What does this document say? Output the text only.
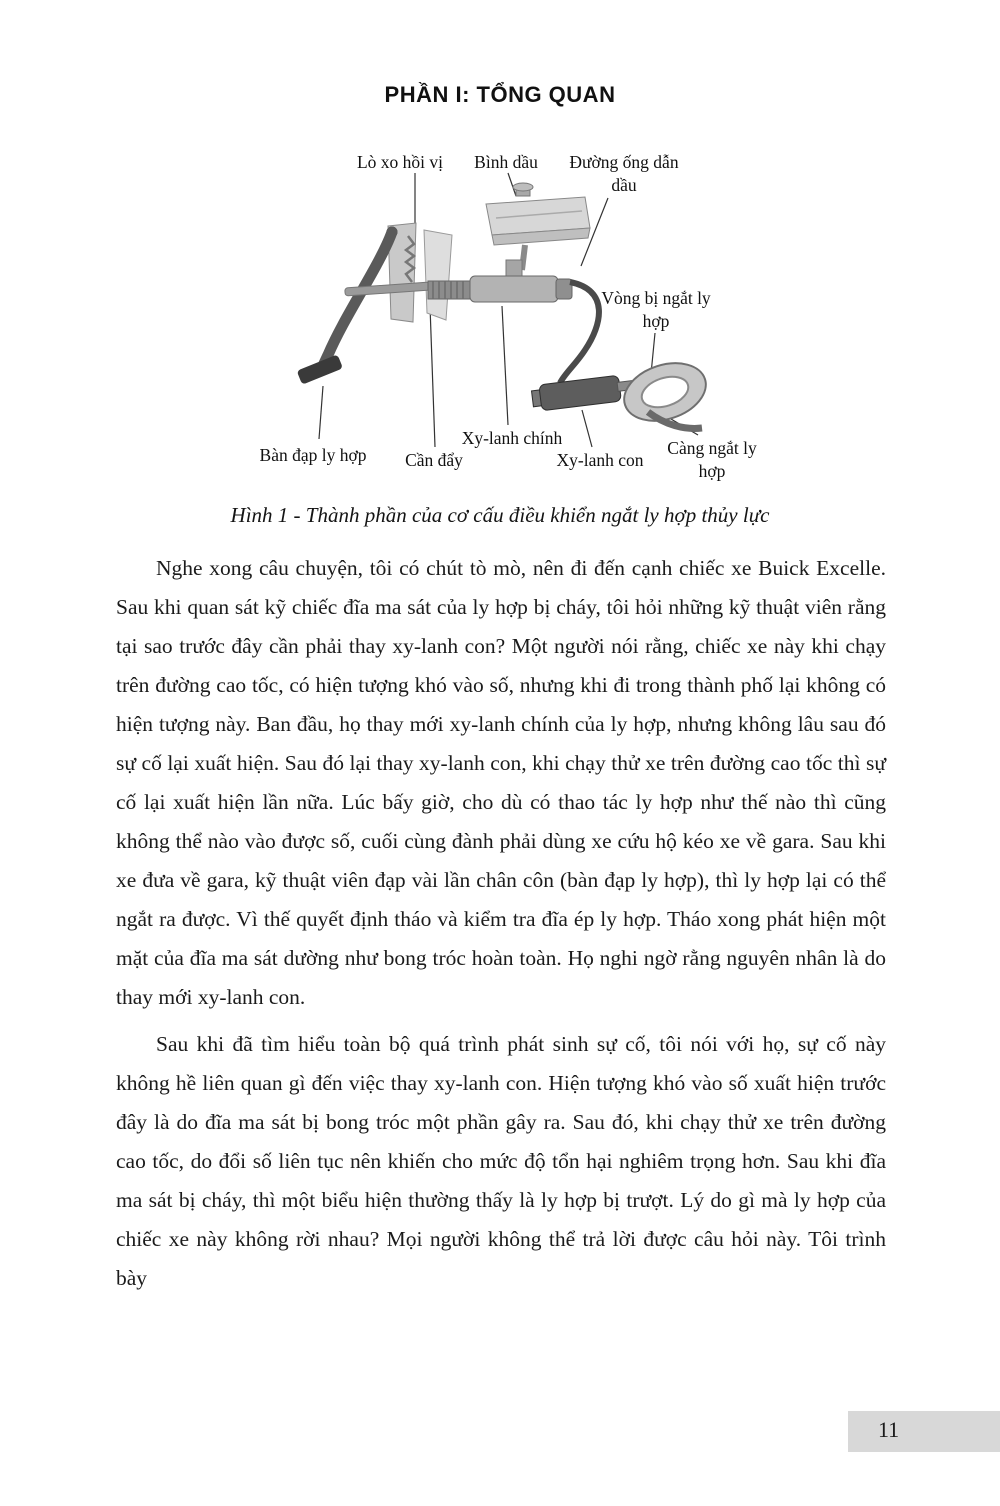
PHẦN I: TỔNG QUAN
Lò xo hồi vị	Bình dầu	Đường ống dẫn dầu
Vòng bị ngắt ly hợp
Bàn đạp ly hợp	Cần đẩy
Xy-lanh chính
Xy-lanh con
Càng ngắt ly hợp
Hình 1 - Thành phần của cơ cấu điều khiển ngắt ly hợp thủy lực

Nghe xong câu chuyện, tôi có chút tò mò, nên đi đến cạnh chiếc xe Buick Excelle. Sau khi quan sát kỹ chiếc đĩa ma sát của ly hợp bị cháy, tôi hỏi những kỹ thuật viên rằng tại sao trước đây cần phải thay xy-lanh con? Một người nói rằng, chiếc xe này khi chạy trên đường cao tốc, có hiện tượng khó vào số, nhưng khi đi trong thành phố lại không có hiện tượng này. Ban đầu, họ thay mới xy-lanh chính của ly hợp, nhưng không lâu sau đó sự cố lại xuất hiện. Sau đó lại thay xy-lanh con, khi chạy thử xe trên đường cao tốc thì sự cố lại xuất hiện lần nữa. Lúc bấy giờ, cho dù có thao tác ly hợp như thế nào thì cũng không thể nào vào được số, cuối cùng đành phải dùng xe cứu hộ kéo xe về gara. Sau khi xe đưa về gara, kỹ thuật viên đạp vài lần chân côn (bàn đạp ly hợp), thì ly hợp lại có thể ngắt ra được. Vì thế quyết định tháo và kiểm tra đĩa ép ly hợp. Tháo xong phát hiện một mặt của đĩa ma sát dường như bong tróc hoàn toàn. Họ nghi ngờ rằng nguyên nhân là do thay mới xy-lanh con.

Sau khi đã tìm hiểu toàn bộ quá trình phát sinh sự cố, tôi nói với họ, sự cố này không hề liên quan gì đến việc thay xy-lanh con. Hiện tượng khó vào số xuất hiện trước đây là do đĩa ma sát bị bong tróc một phần gây ra. Sau đó, khi chạy thử xe trên đường cao tốc, do đổi số liên tục nên khiến cho mức độ tổn hại nghiêm trọng hơn. Sau khi đĩa ma sát bị cháy, thì một biểu hiện thường thấy là ly hợp bị trượt. Lý do gì mà ly hợp của chiếc xe này không rời nhau? Mọi người không thể trả lời được câu hỏi này. Tôi trình bày

11
